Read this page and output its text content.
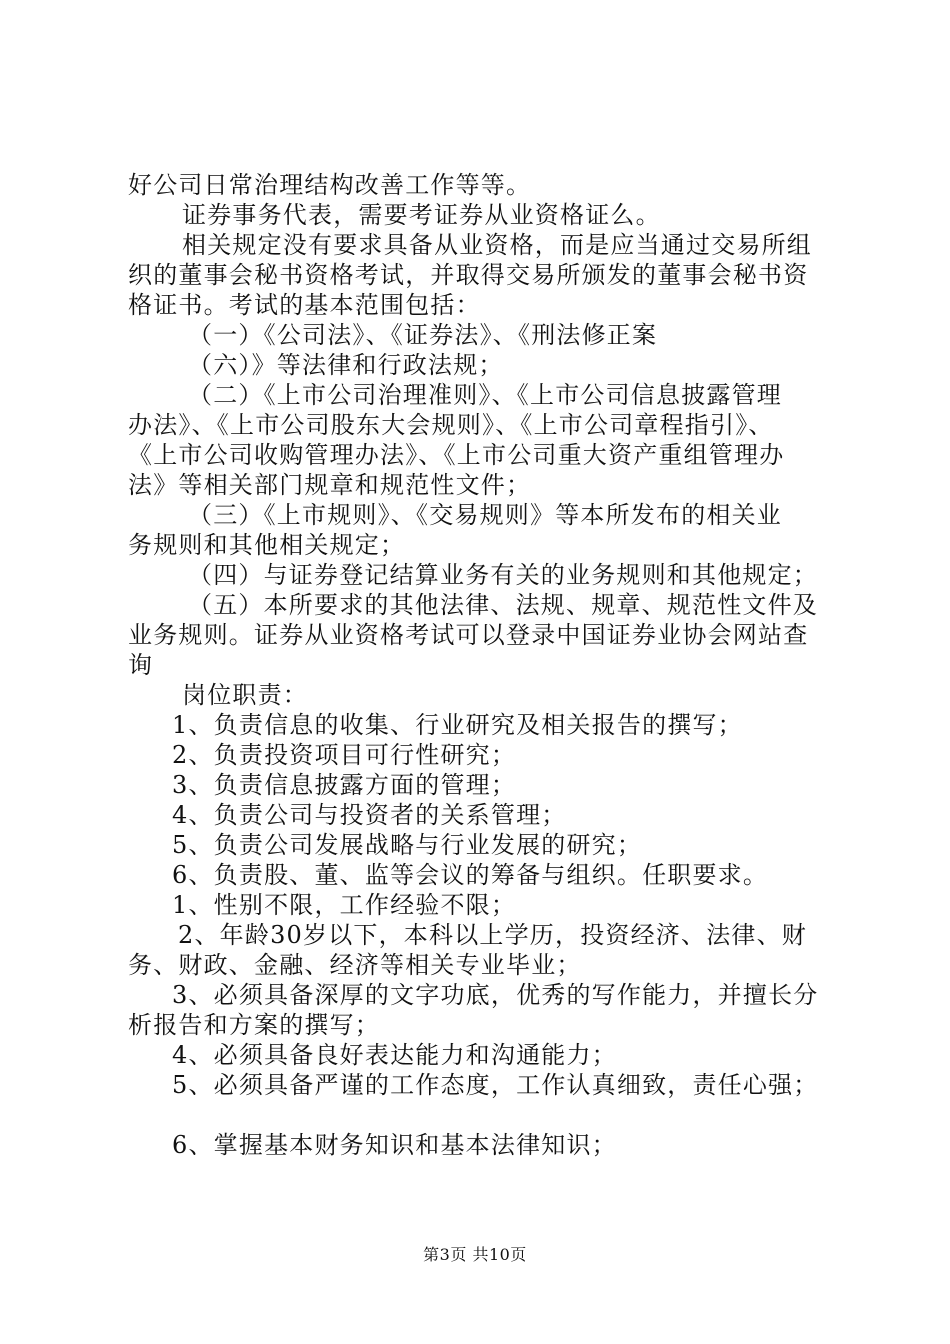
好公司日常治理结构改善工作等等。
证券事务代表，需要考证券从业资格证么。
相关规定没有要求具备从业资格，而是应当通过交易所组
织的董事会秘书资格考试，并取得交易所颁发的董事会秘书资
格证书。考试的基本范围包括：
（一）《公司法》、《证券法》、《刑法修正案
（六）》等法律和行政法规；
（二）《上市公司治理准则》、《上市公司信息披露管理
办法》、《上市公司股东大会规则》、《上市公司章程指引》、
《上市公司收购管理办法》、《上市公司重大资产重组管理办
法》等相关部门规章和规范性文件；
（三）《上市规则》、《交易规则》等本所发布的相关业
务规则和其他相关规定；
（四）与证券登记结算业务有关的业务规则和其他规定；
（五）本所要求的其他法律、法规、规章、规范性文件及
业务规则。证券从业资格考试可以登录中国证券业协会网站查
询
岗位职责：
1、负责信息的收集、行业研究及相关报告的撰写；
2、负责投资项目可行性研究；
3、负责信息披露方面的管理；
4、负责公司与投资者的关系管理；
5、负责公司发展战略与行业发展的研究；
6、负责股、董、监等会议的筹备与组织。任职要求。
1、性别不限，工作经验不限；
2、年龄30岁以下，本科以上学历，投资经济、法律、财
务、财政、金融、经济等相关专业毕业；
3、必须具备深厚的文字功底，优秀的写作能力，并擅长分
析报告和方案的撰写；
4、必须具备良好表达能力和沟通能力；
5、必须具备严谨的工作态度，工作认真细致，责任心强；
6、掌握基本财务知识和基本法律知识；
第3页 共10页
